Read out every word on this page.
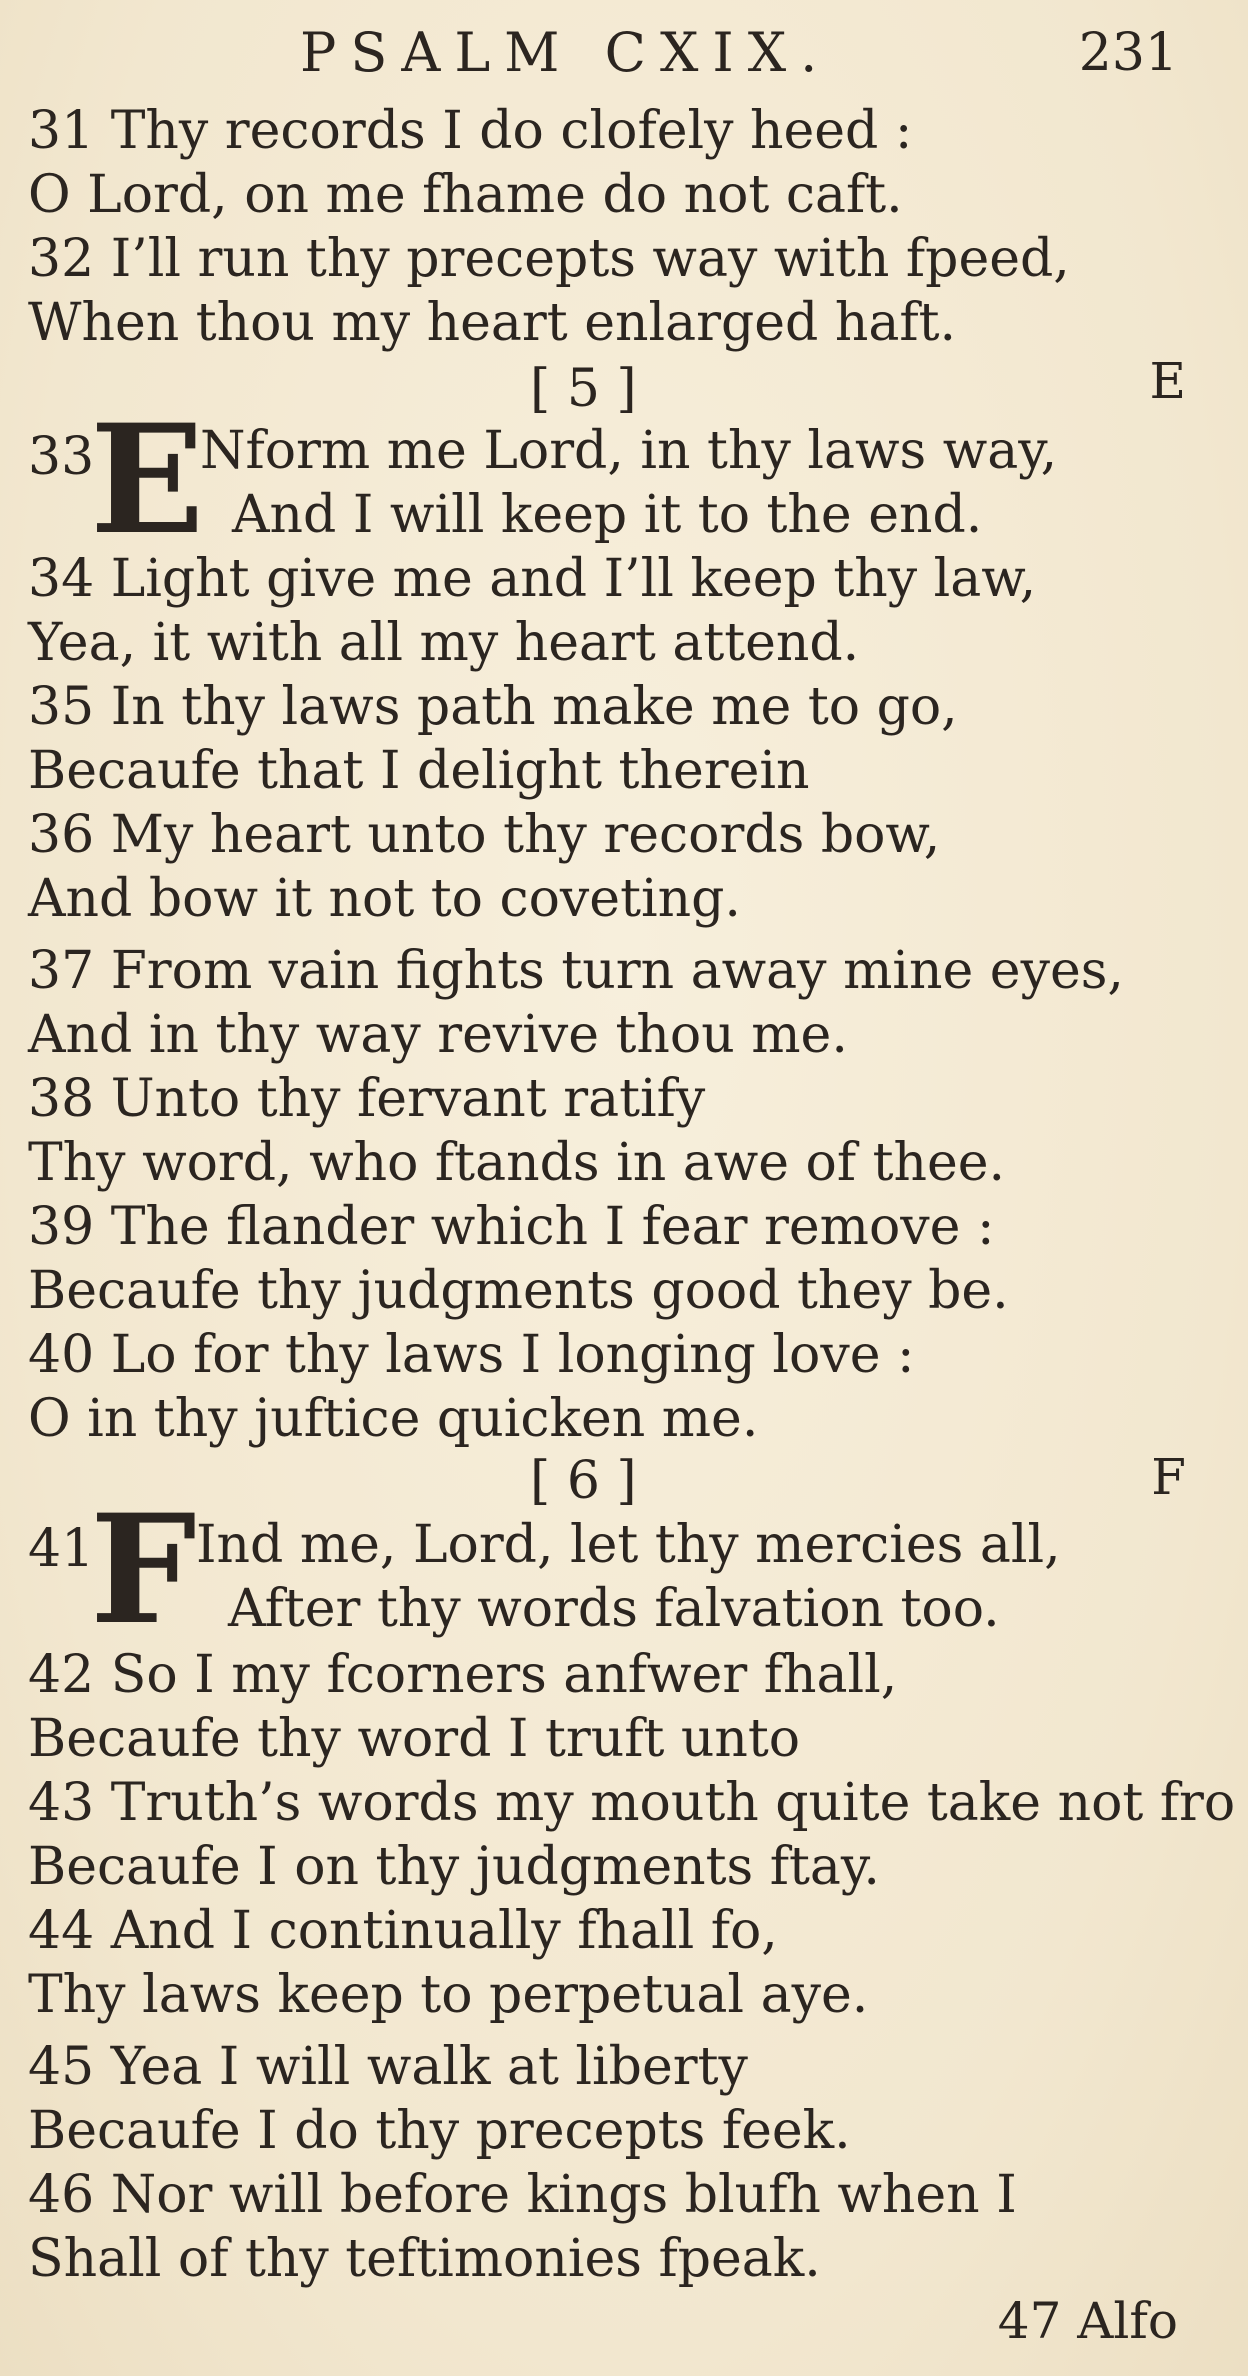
PSALM CXIX.	231
31 Thy records I do clofely heed :
O Lord, on me fhame do not caft.
32 I’ll run thy precepts way with fpeed,
When thou my heart enlarged haft.
[ 5 ]	E
33
E
Nform me Lord, in thy laws way,
And I will keep it to the end.
34 Light give me and I’ll keep thy law,
Yea, it with all my heart attend.
35 In thy laws path make me to go,
Becaufe that I delight therein
36 My heart unto thy records bow,
And bow it not to coveting.
37 From vain fights turn away mine eyes,
And in thy way revive thou me.
38 Unto thy fervant ratify
Thy word, who ftands in awe of thee.
39 The flander which I fear remove :
Becaufe thy judgments good they be.
40 Lo for thy laws I longing love :
O in thy juftice quicken me.
[ 6 ]	F
41
F Ind me, Lord, let thy mercies all,
After thy words falvation too.
42 So I my fcorners anfwer fhall,
Becaufe thy word I truft unto
43 Truth’s words my mouth quite take not fro
Becaufe I on thy judgments ftay.
44 And I continually fhall fo,
Thy laws keep to perpetual aye.
45 Yea I will walk at liberty
Becaufe I do thy precepts feek.
46 Nor will before kings blufh when I
Shall of thy teftimonies fpeak.
47 Alfo
